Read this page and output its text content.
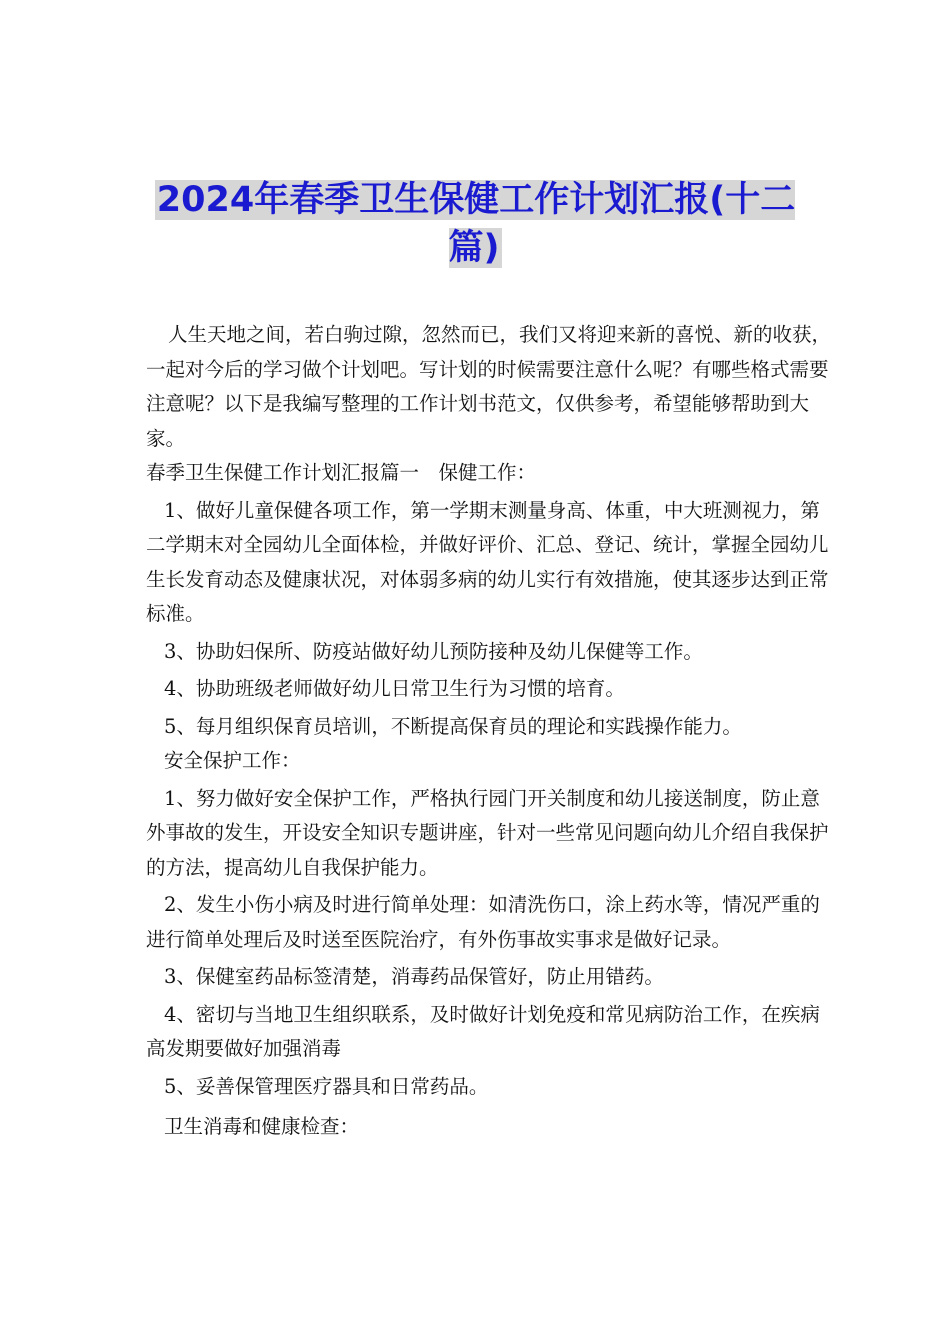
2024年春季卫生保健工作计划汇报(十二篇)

人生天地之间，若白驹过隙，忽然而已，我们又将迎来新的喜悦、新的收获，一起对今后的学习做个计划吧。写计划的时候需要注意什么呢？有哪些格式需要注意呢？以下是我编写整理的工作计划书范文，仅供参考，希望能够帮助到大家。

春季卫生保健工作计划汇报篇一　保健工作：

1、做好儿童保健各项工作，第一学期末测量身高、体重，中大班测视力，第二学期末对全园幼儿全面体检，并做好评价、汇总、登记、统计，掌握全园幼儿生长发育动态及健康状况，对体弱多病的幼儿实行有效措施，使其逐步达到正常标准。

3、协助妇保所、防疫站做好幼儿预防接种及幼儿保健等工作。

4、协助班级老师做好幼儿日常卫生行为习惯的培育。

5、每月组织保育员培训，不断提高保育员的理论和实践操作能力。

安全保护工作：

1、努力做好安全保护工作，严格执行园门开关制度和幼儿接送制度，防止意外事故的发生，开设安全知识专题讲座，针对一些常见问题向幼儿介绍自我保护的方法，提高幼儿自我保护能力。

2、发生小伤小病及时进行简单处理：如清洗伤口，涂上药水等，情况严重的进行简单处理后及时送至医院治疗，有外伤事故实事求是做好记录。

3、保健室药品标签清楚，消毒药品保管好，防止用错药。

4、密切与当地卫生组织联系，及时做好计划免疫和常见病防治工作，在疾病高发期要做好加强消毒

5、妥善保管理医疗器具和日常药品。

卫生消毒和健康检查：
